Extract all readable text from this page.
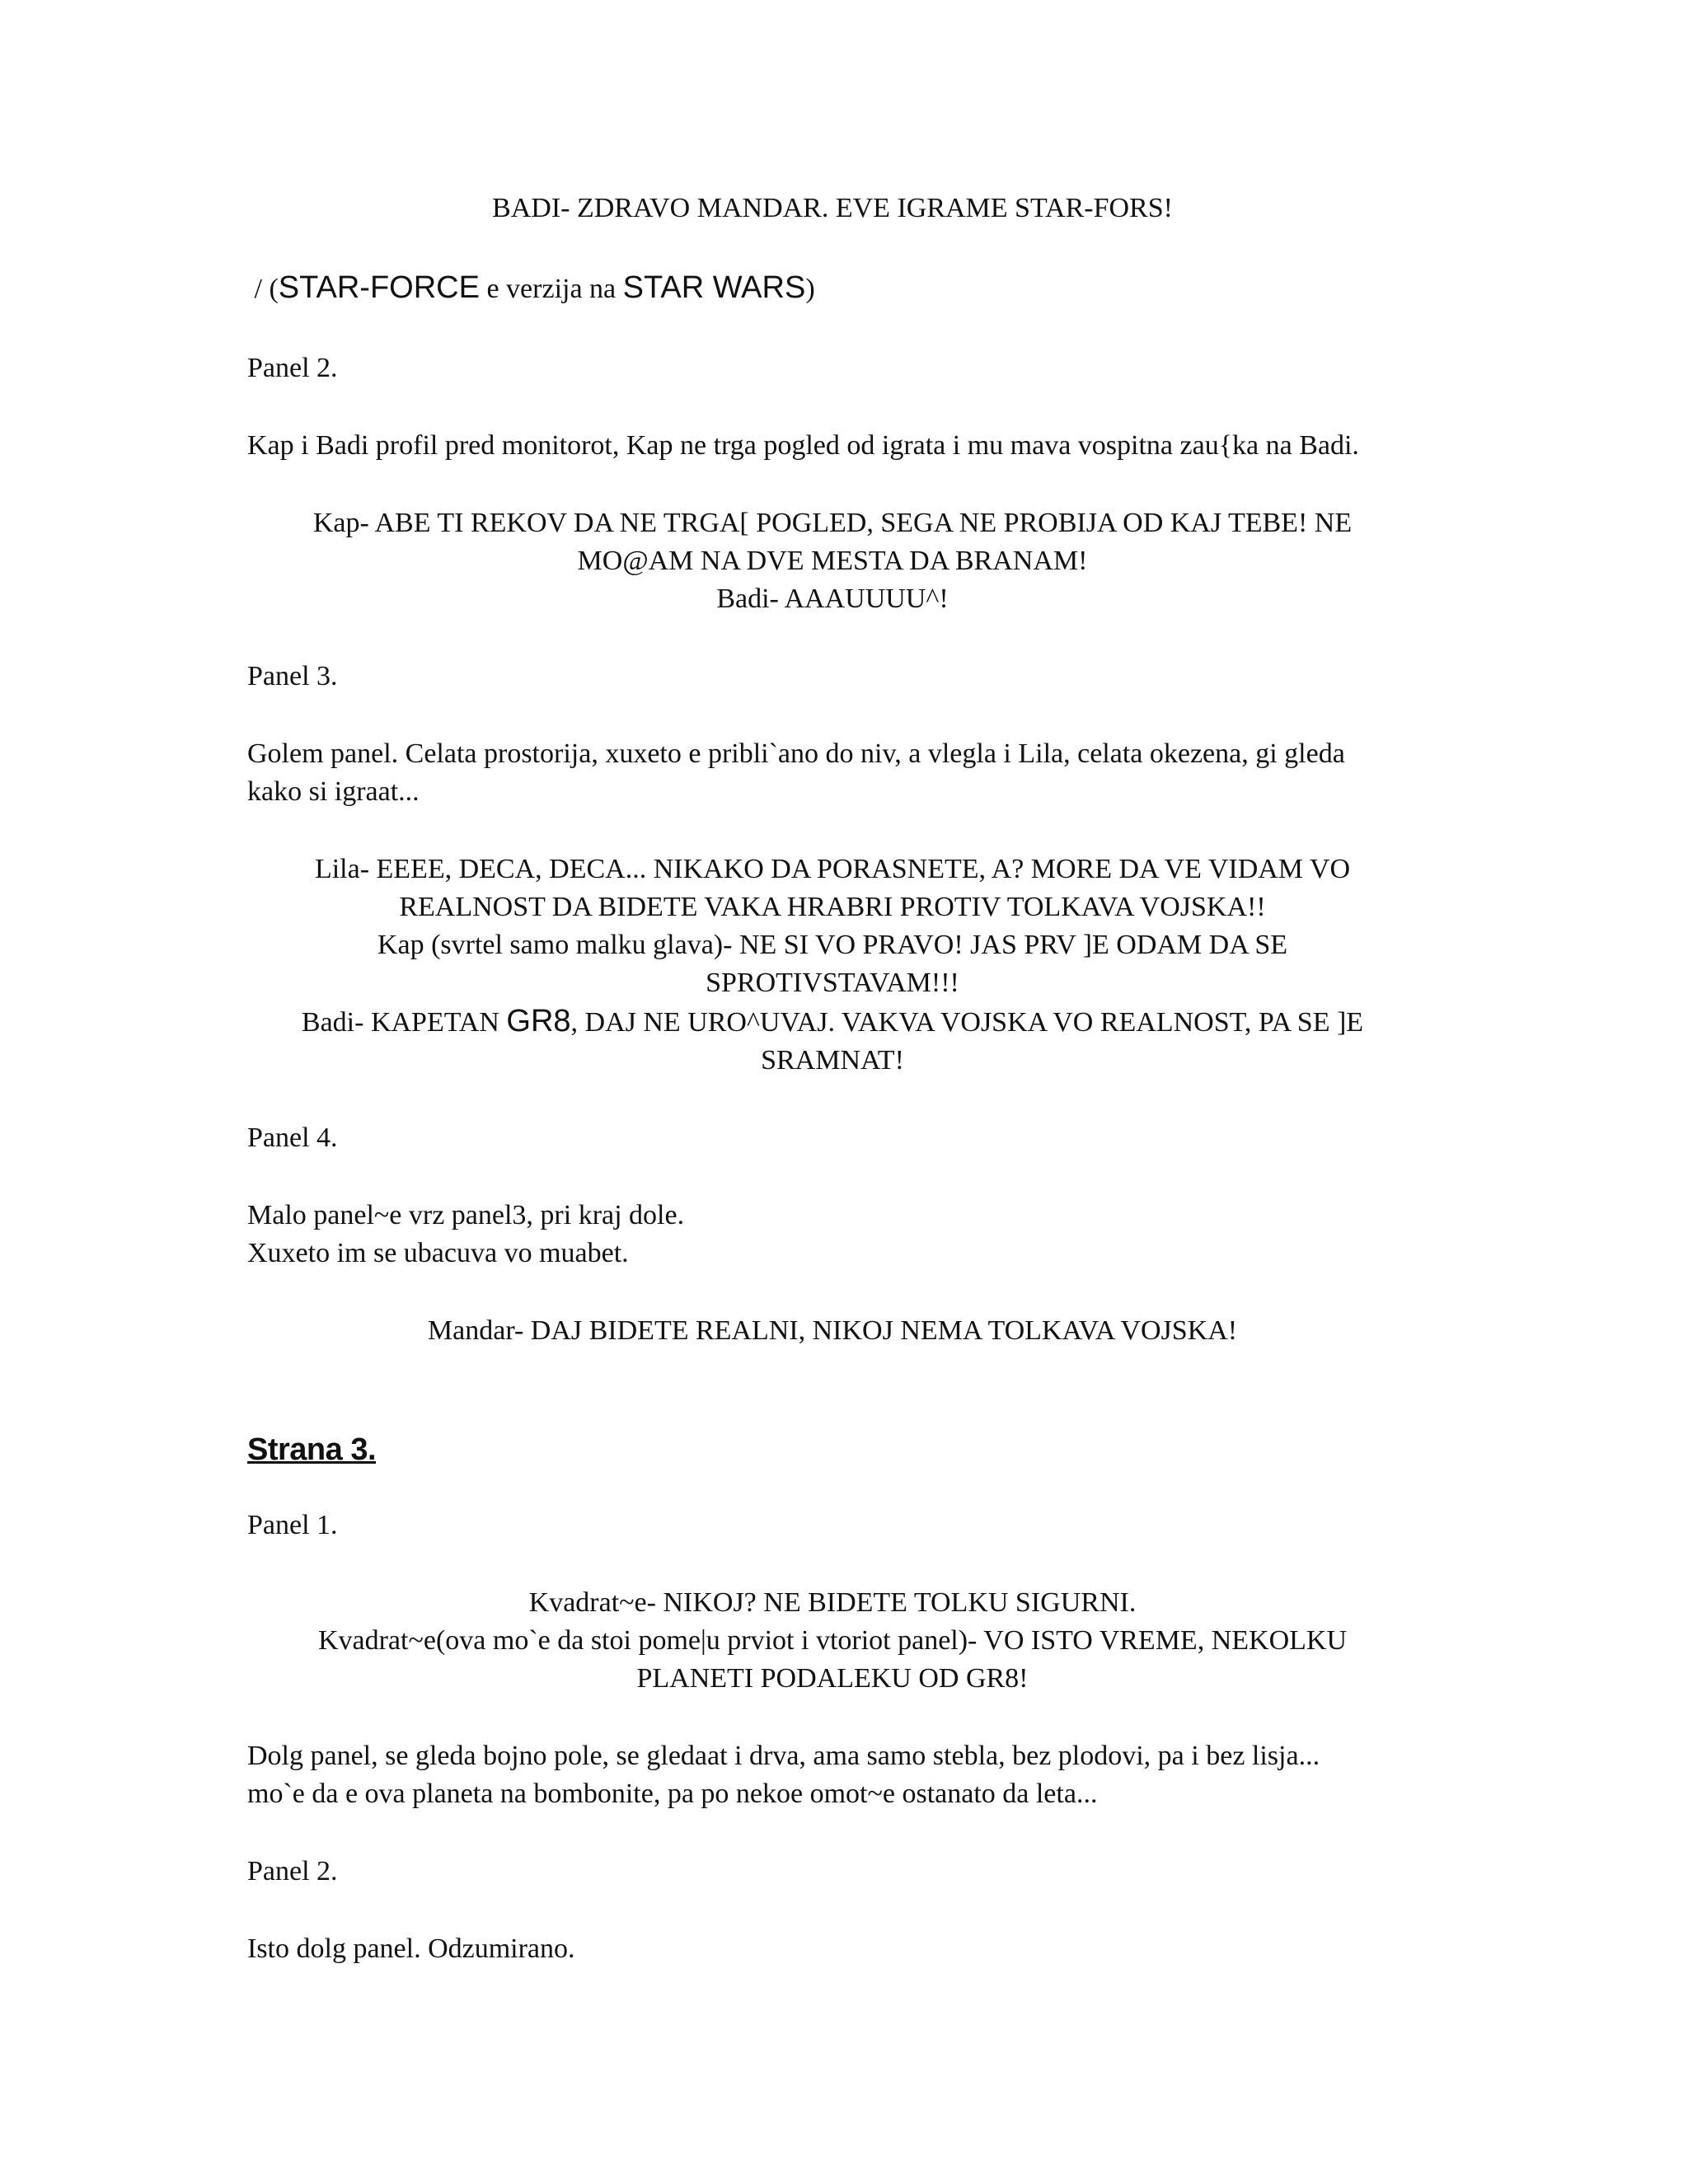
BADI- ZDRAVO MANDAR. EVE IGRAME STAR-FORS!

/ (STAR-FORCE e verzija na STAR WARS)

Panel 2.

Kap i Badi profil pred monitorot, Kap ne trga pogled od igrata i mu mava vospitna zau{ka na Badi.

Kap- ABE TI REKOV DA NE TRGA[ POGLED, SEGA NE PROBIJA OD KAJ TEBE! NE

MO@AM NA DVE MESTA DA BRANAM!

Badi- AAAUUUU^!

Panel 3.

Golem panel. Celata prostorija, xuxeto e pribli`ano do niv, a vlegla i Lila, celata okezena, gi gleda

kako si igraat...

Lila- EEEE, DECA, DECA... NIKAKO DA PORASNETE, A? MORE DA VE VIDAM VO

REALNOST DA BIDETE VAKA HRABRI PROTIV TOLKAVA VOJSKA!!

Kap (svrtel samo malku glava)- NE SI VO PRAVO! JAS PRV ]E ODAM DA SE

SPROTIVSTAVAM!!!

Badi- KAPETAN GR8, DAJ NE URO^UVAJ. VAKVA VOJSKA VO REALNOST, PA SE ]E

SRAMNAT!

Panel 4.

Malo panel~e vrz panel3, pri kraj dole.

Xuxeto im se ubacuva vo muabet.

Mandar- DAJ BIDETE REALNI, NIKOJ NEMA TOLKAVA VOJSKA!

Strana 3.

Panel 1.

Kvadrat~e- NIKOJ? NE BIDETE TOLKU SIGURNI.

Kvadrat~e(ova mo`e da stoi pome|u prviot i vtoriot panel)- VO ISTO VREME, NEKOLKU

PLANETI PODALEKU OD GR8!

Dolg panel, se gleda bojno pole, se gledaat i drva, ama samo stebla, bez plodovi, pa i bez lisja...

mo`e da e ova planeta na bombonite, pa po nekoe omot~e ostanato da leta...

Panel 2.

Isto dolg panel. Odzumirano.
